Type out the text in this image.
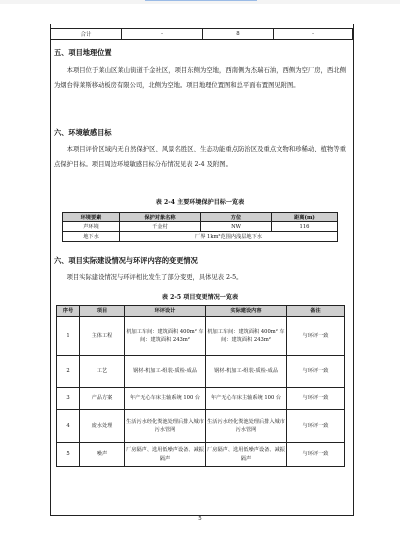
合计	-	8	-
五、项目地理位置

本项目位于莱山区莱山街道千金社区，项目东侧为空地，西南侧为杰瑞石油，西侧为空厂房，西北侧为烟台得莱斯移动板房有限公司，北侧为空地。项目地理位置图和总平面布置图见附图。

六、环境敏感目标

本项目评价区域内无自然保护区、风景名胜区、生态功能重点防治区及重点文物和珍稀动、植物等重点保护目标。项目周边环境敏感目标分布情况见表 2-4 及附图。

表 2-4 主要环境保护目标一览表
环境要素	保护对象名称	方位	距离(m)
声环境	千金村	NW	116
地下水	厂界 1km²范围内浅层地下水		
六、项目实际建设情况与环评内容的变更情况

项目实际建设情况与环评相比发生了部分变更，具体见表 2-5。

表 2-5 项目变更情况一览表
序号	项目	环评设计	实际建设内容	备注
1	主体工程	机加工车间：建筑面积 400m² 车间：建筑面积 243m²	机加工车间：建筑面积 400m² 车间：建筑面积 243m²	与环评一致
2	工艺	钢材-机加工-组装-质检-成品	钢材-机加工-组装-质检-成品	与环评一致
3	产品方案	年产无心车床主轴系统 100 台	年产无心车床主轴系统 100 台	与环评一致
4	废水处理	生活污水经化粪池处理后排入城市污水管网	生活污水经化粪池处理后排入城市污水管网	与环评一致
5	噪声	厂房隔声、选用低噪声设备、减振隔声	厂房隔声、选用低噪声设备、减振隔声	与环评一致
5
